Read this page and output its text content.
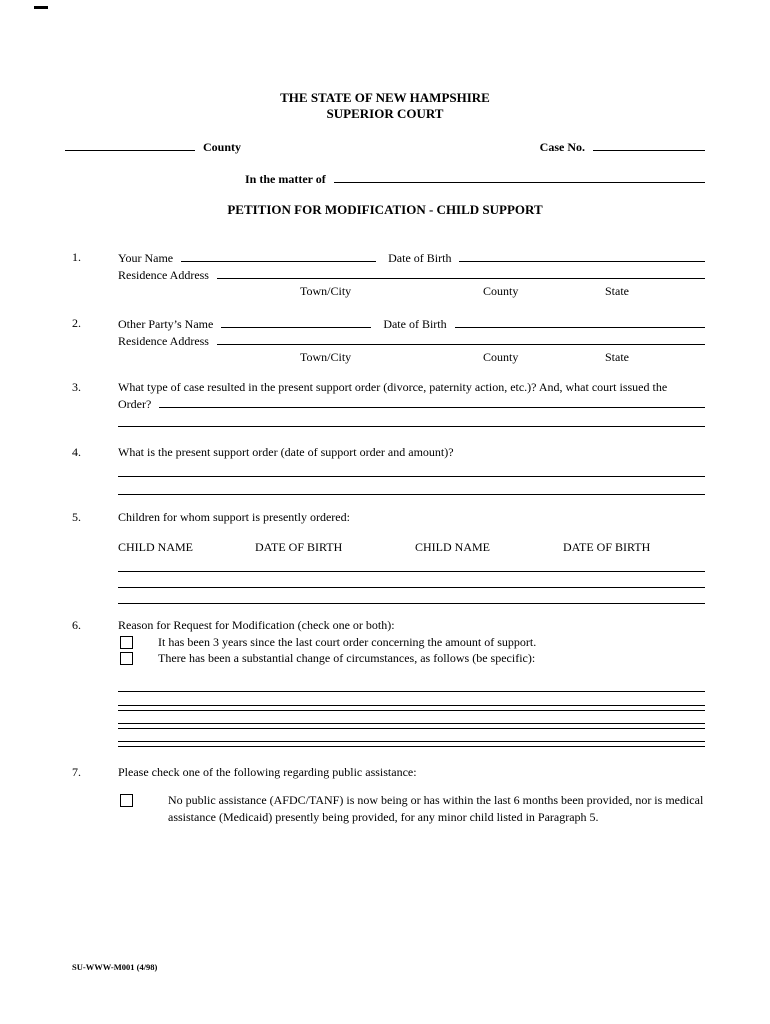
THE STATE OF NEW HAMPSHIRE
SUPERIOR COURT
County	Case No.
In the matter of
PETITION FOR MODIFICATION - CHILD SUPPORT
1.	Your Name	Date of Birth
Residence Address
Town/City	County	State
2.	Other Party’s Name	Date of Birth
Residence Address
Town/City	County	State
3.	What type of case resulted in the present support order (divorce, paternity action, etc.)? And, what court issued the
Order?
4.	What is the present support order (date of support order and amount)?
5.	Children for whom support is presently ordered:
CHILD NAME	DATE OF BIRTH	CHILD NAME	DATE OF BIRTH
6.	Reason for Request for Modification (check one or both):
It has been 3 years since the last court order concerning the amount of support.
There has been a substantial change of circumstances, as follows (be specific):
7.	Please check one of the following regarding public assistance:
No public assistance (AFDC/TANF) is now being or has within the last 6 months been provided, nor is medical assistance (Medicaid) presently being provided, for any minor child listed in Paragraph 5.
SU-WWW-M001 (4/98)
